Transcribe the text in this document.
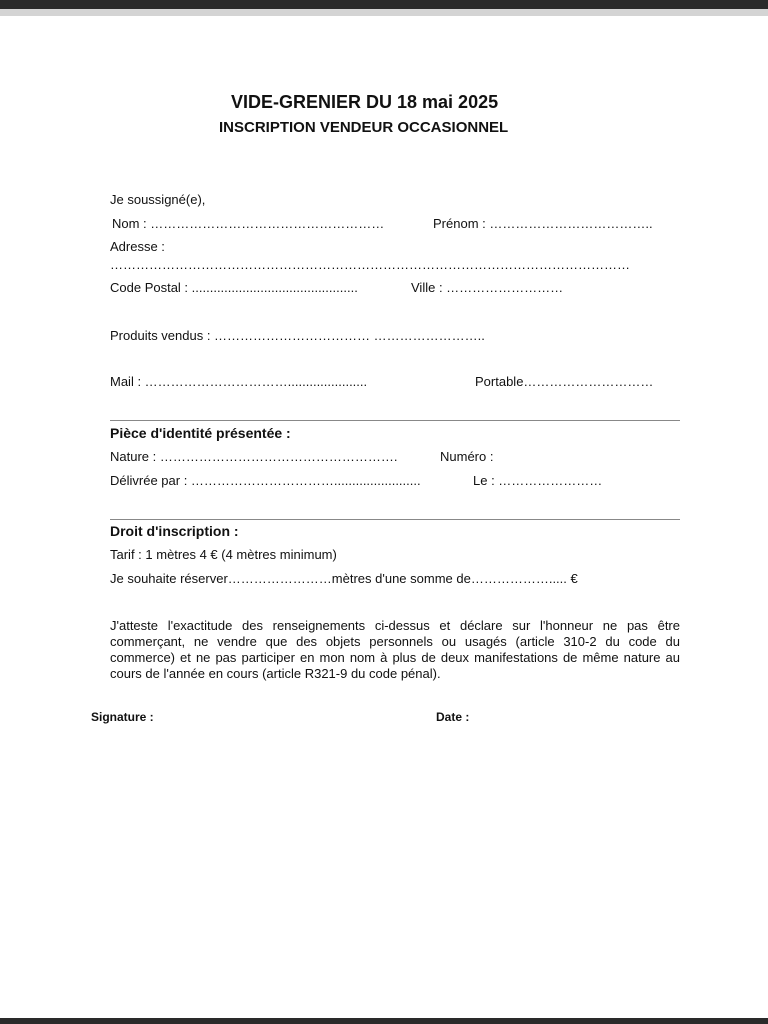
VIDE-GRENIER DU 18 mai 2025
INSCRIPTION VENDEUR OCCASIONNEL
Je soussigné(e),
Nom : ………………………………………………	Prénom : ………………………………..
Adresse :
…………………………………………………………………………………………………………
Code Postal : ..............................................	Ville : ………………………
Produits vendus : ……………………………… ……………………..
Mail : ……………………………......................	Portable…………………………
Pièce d'identité présentée :
Nature : ……………………………………………….	Numéro :
Délivrée par : ……………………………........................	Le : ……………………
Droit d'inscription :
Tarif : 1 mètres 4 € (4 mètres minimum)
Je souhaite réserver……………………mètres d'une somme de………………..... €
J'atteste l'exactitude des renseignements ci-dessus et déclare sur l'honneur ne pas être commerçant, ne vendre que des objets personnels ou usagés (article 310-2 du code du commerce) et ne pas participer en mon nom à plus de deux manifestations de même nature au cours de l'année en cours (article R321-9 du code pénal).
Signature :	Date :
